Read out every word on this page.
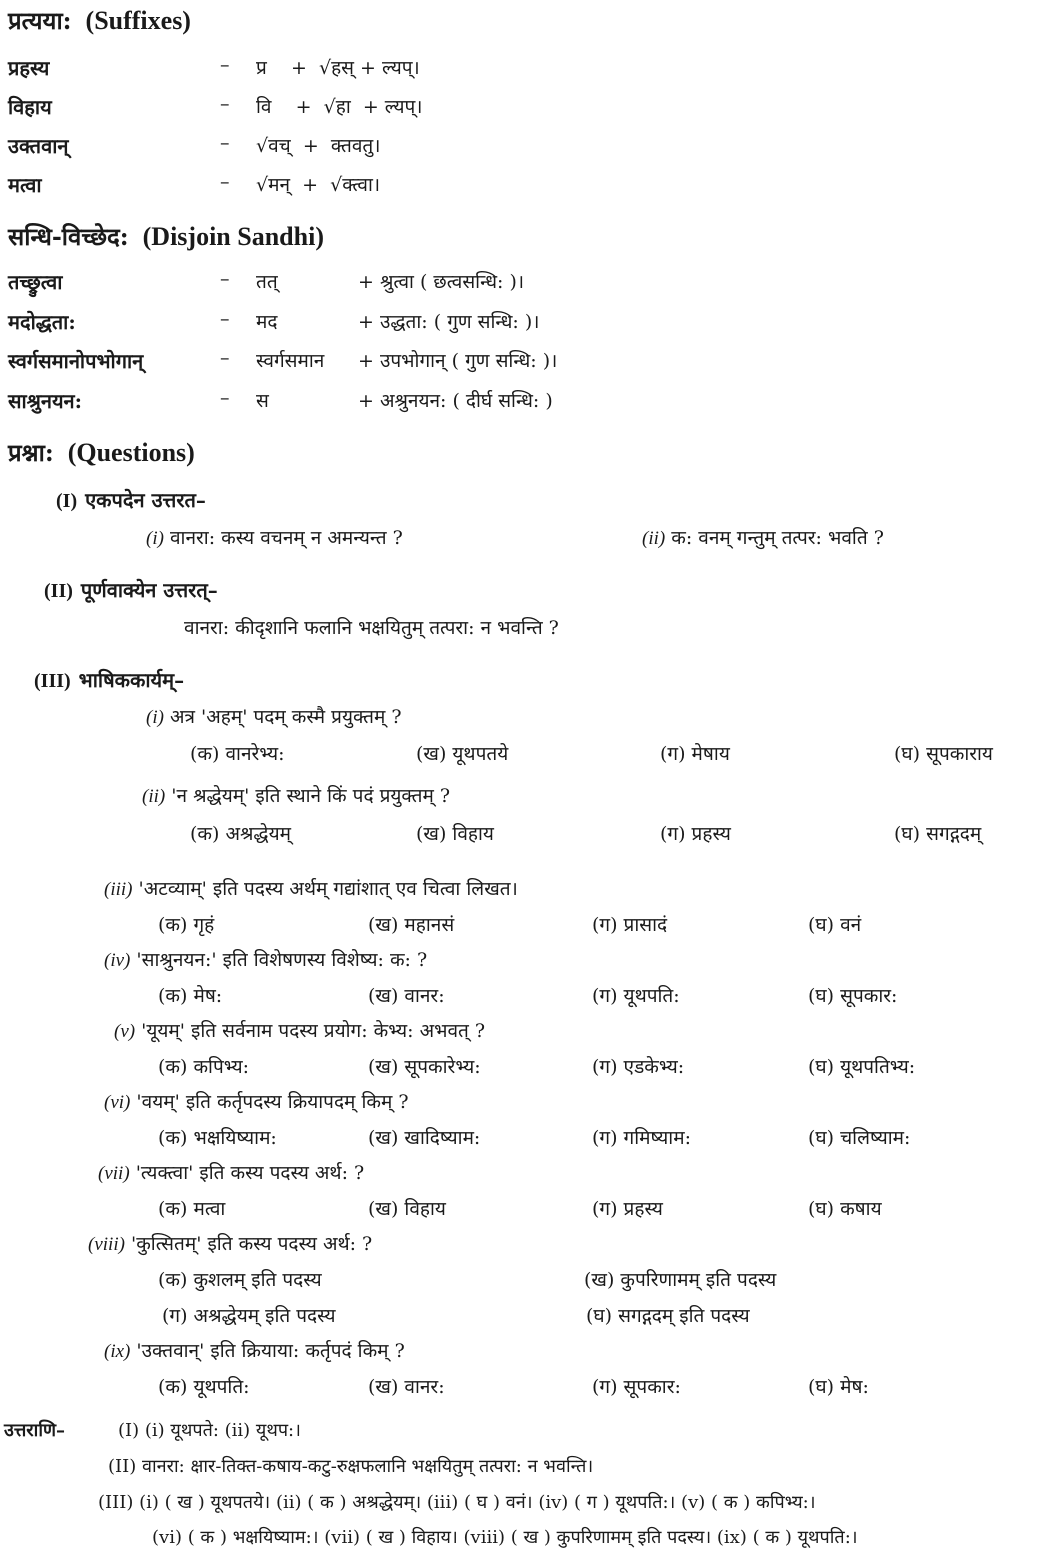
प्रत्यया: (Suffixes)
प्रहस्य	– प्र    +  √हस् + ल्यप्।
विहाय	– वि    +  √हा  + ल्यप्।
उक्तवान्	– √वच्  +  क्तवतु।
मत्वा	– √मन्  +  √क्त्वा।
सन्धि-विच्छेद: (Disjoin Sandhi)
तच्छ्रुत्वा	– तत्	+ श्रुत्वा ( छत्वसन्धि: )।
मदोद्धता:	– मद	+ उद्धता: ( गुण सन्धि: )।
स्वर्गसमानोपभोगान्	– स्वर्गसमान + उपभोगान् ( गुण सन्धि: )।
साश्रुनयन:	– स	+ अश्रुनयन: ( दीर्घ सन्धि: )
प्रश्ना: (Questions)
(I) एकपदेन उत्तरत–
(i) वानरा: कस्य वचनम् न अमन्यन्त ?	(ii) क: वनम् गन्तुम् तत्पर: भवति ?
(II) पूर्णवाक्येन उत्तरत्–
वानरा: कीदृशानि फलानि भक्षयितुम् तत्परा: न भवन्ति ?
(III) भाषिककार्यम्–
(i) अत्र 'अहम्' पदम् कस्मै प्रयुक्तम् ?
(क) वानरेभ्य:	(ख) यूथपतये	(ग) मेषाय	(घ) सूपकाराय
(ii) 'न श्रद्धेयम्' इति स्थाने किं पदं प्रयुक्तम् ?
(क) अश्रद्धेयम्	(ख) विहाय	(ग) प्रहस्य	(घ) सगद्गदम्
(iii) 'अटव्याम्' इति पदस्य अर्थम् गद्यांशात् एव चित्वा लिखत।
(क) गृहं	(ख) महानसं	(ग) प्रासादं	(घ) वनं
(iv) 'साश्रुनयन:' इति विशेषणस्य विशेष्य: क: ?
(क) मेष:	(ख) वानर:	(ग) यूथपति:	(घ) सूपकार:
(v) 'यूयम्' इति सर्वनाम पदस्य प्रयोग: केभ्य: अभवत् ?
(क) कपिभ्य:	(ख) सूपकारेभ्य:	(ग) एडकेभ्य:	(घ) यूथपतिभ्य:
(vi) 'वयम्' इति कर्तृपदस्य क्रियापदम् किम् ?
(क) भक्षयिष्याम:	(ख) खादिष्याम:	(ग) गमिष्याम:	(घ) चलिष्याम:
(vii) 'त्यक्त्वा' इति कस्य पदस्य अर्थ: ?
(क) मत्वा	(ख) विहाय	(ग) प्रहस्य	(घ) कषाय
(viii) 'कुत्सितम्' इति कस्य पदस्य अर्थ: ?
(क) कुशलम् इति पदस्य	(ख) कुपरिणामम् इति पदस्य
(ग) अश्रद्धेयम् इति पदस्य	(घ) सगद्गदम् इति पदस्य
(ix) 'उक्तवान्' इति क्रियाया: कर्तृपदं किम् ?
(क) यूथपति:	(ख) वानर:	(ग) सूपकार:	(घ) मेष:
उत्तराणि–	(I) (i) यूथपते: (ii) यूथप:।
(II) वानरा: क्षार-तिक्त-कषाय-कटु-रुक्षफलानि भक्षयितुम् तत्परा: न भवन्ति।
(III) (i) ( ख ) यूथपतये। (ii) ( क ) अश्रद्धेयम्। (iii) ( घ ) वनं। (iv) ( ग ) यूथपति:। (v) ( क ) कपिभ्य:।
(vi) ( क ) भक्षयिष्याम:। (vii) ( ख ) विहाय। (viii) ( ख ) कुपरिणामम् इति पदस्य। (ix) ( क ) यूथपति:।
